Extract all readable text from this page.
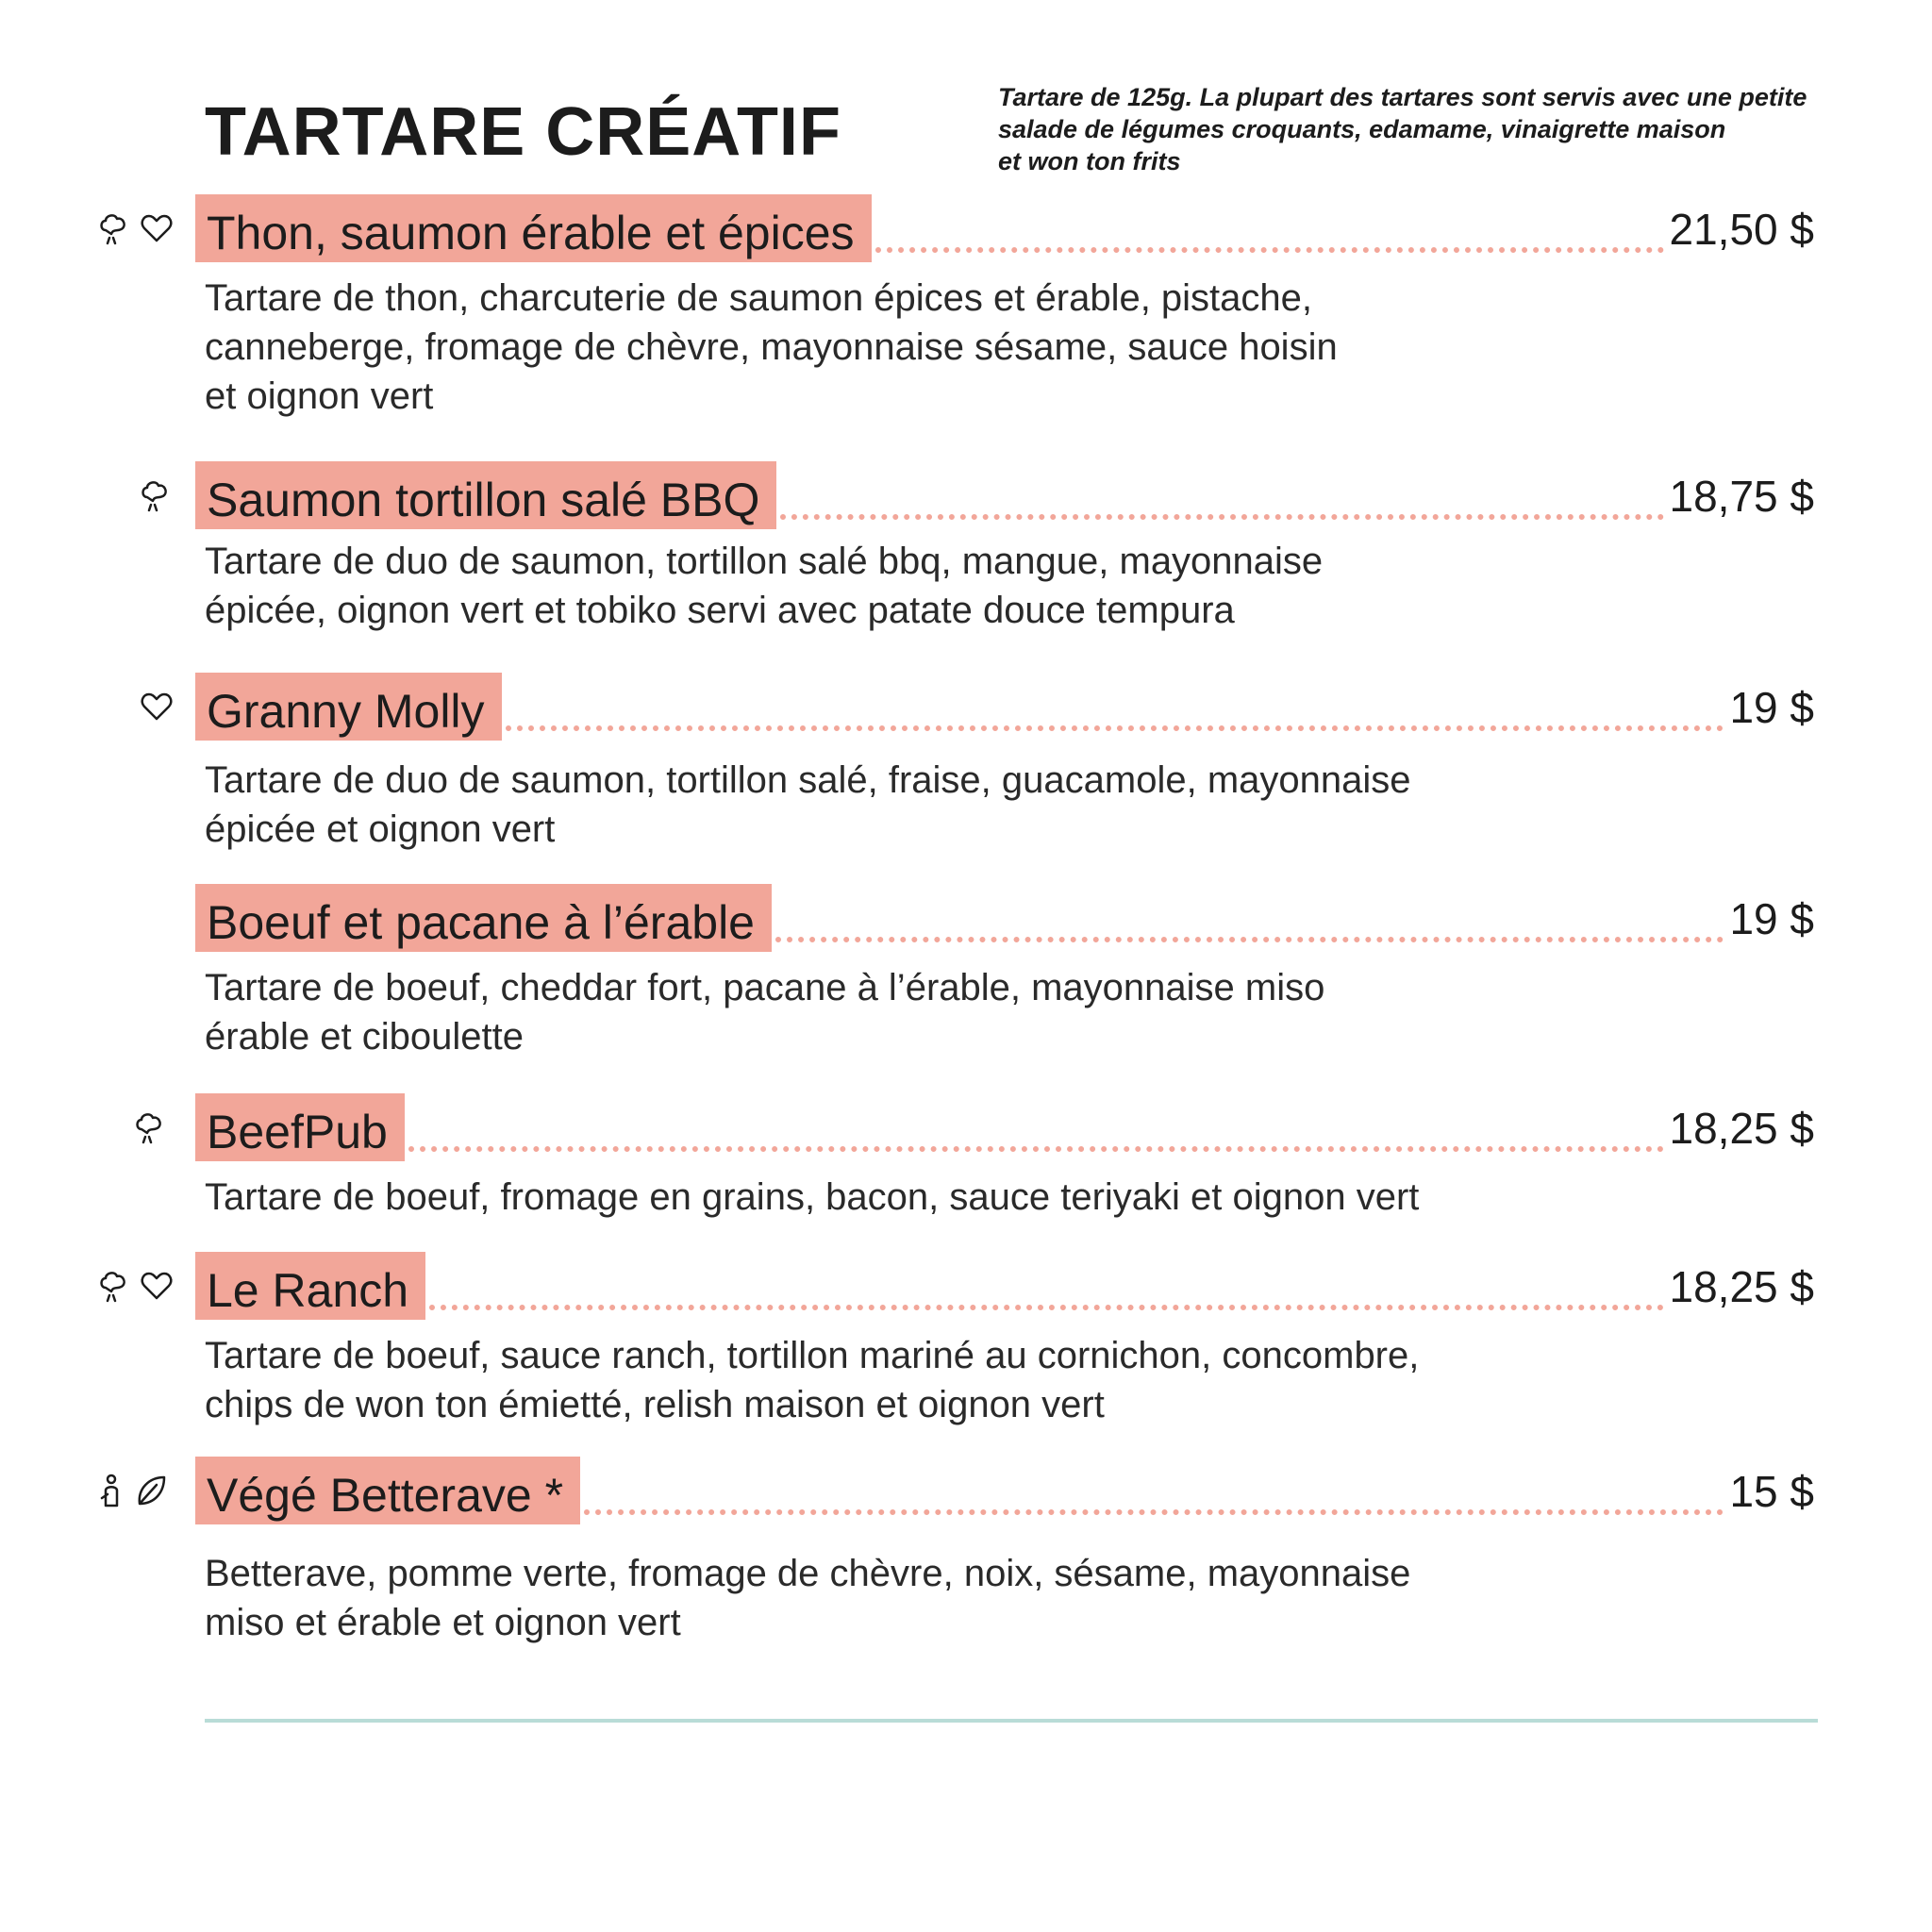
TARTARE CRÉATIF	Tartare de 125g. La plupart des tartares sont servis avec une petite
salade de légumes croquants, edamame, vinaigrette maison
et won ton frits
Thon, saumon érable et épices	21,50 $
Tartare de thon, charcuterie de saumon épices et érable, pistache,
canneberge, fromage de chèvre, mayonnaise sésame, sauce hoisin
et oignon vert
Saumon tortillon salé BBQ	18,75 $
Tartare de duo de saumon, tortillon salé bbq, mangue, mayonnaise
épicée, oignon vert et tobiko servi avec patate douce tempura
Granny Molly	19 $
Tartare de duo de saumon, tortillon salé, fraise, guacamole, mayonnaise
épicée et oignon vert
Boeuf et pacane à l’érable	19 $
Tartare de boeuf, cheddar fort, pacane à l’érable, mayonnaise miso
érable et ciboulette
BeefPub	18,25 $
Tartare de boeuf, fromage en grains, bacon, sauce teriyaki et oignon vert
Le Ranch	18,25 $
Tartare de boeuf, sauce ranch, tortillon mariné au cornichon, concombre,
chips de won ton émietté, relish maison et oignon vert
Végé Betterave *	15 $
Betterave, pomme verte, fromage de chèvre, noix, sésame, mayonnaise
miso et érable et oignon vert
